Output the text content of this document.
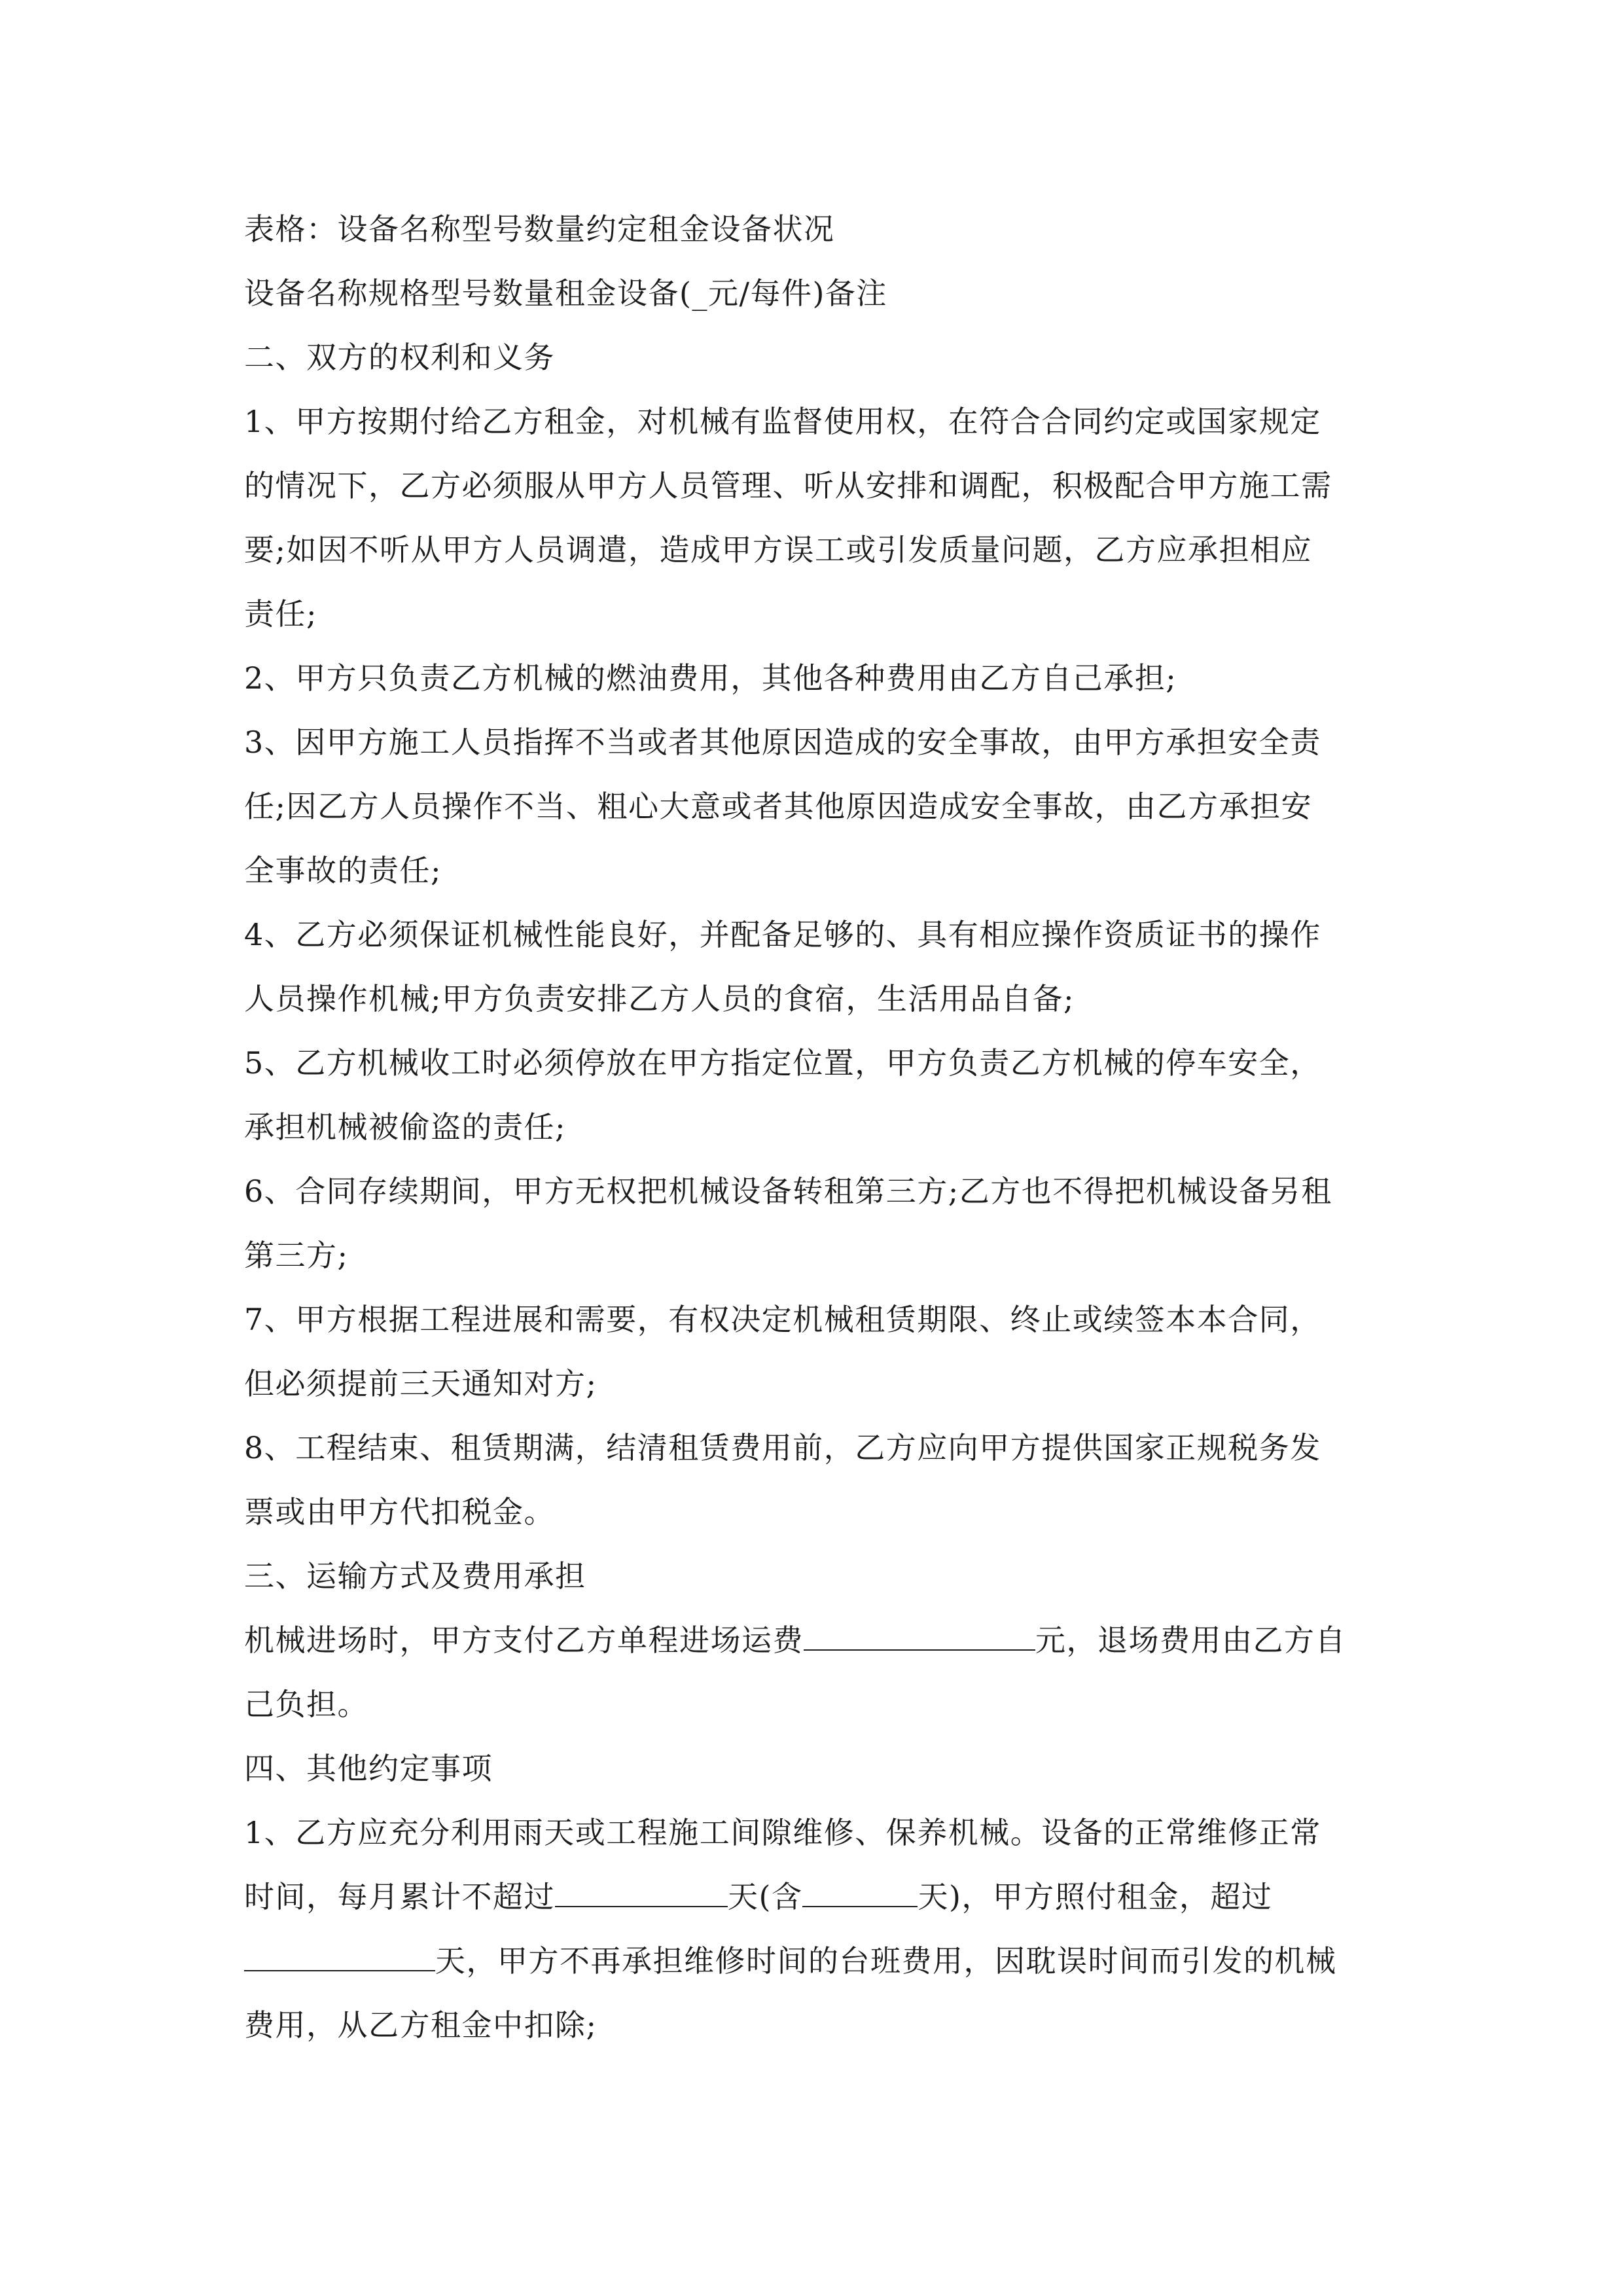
表格：设备名称型号数量约定租金设备状况

设备名称规格型号数量租金设备(_元/每件)备注

二、双方的权利和义务

1、甲方按期付给乙方租金，对机械有监督使用权，在符合合同约定或国家规定

的情况下，乙方必须服从甲方人员管理、听从安排和调配，积极配合甲方施工需

要;如因不听从甲方人员调遣，造成甲方误工或引发质量问题，乙方应承担相应

责任;

2、甲方只负责乙方机械的燃油费用，其他各种费用由乙方自己承担;

3、因甲方施工人员指挥不当或者其他原因造成的安全事故，由甲方承担安全责

任;因乙方人员操作不当、粗心大意或者其他原因造成安全事故，由乙方承担安

全事故的责任;

4、乙方必须保证机械性能良好，并配备足够的、具有相应操作资质证书的操作

人员操作机械;甲方负责安排乙方人员的食宿，生活用品自备;

5、乙方机械收工时必须停放在甲方指定位置，甲方负责乙方机械的停车安全，

承担机械被偷盗的责任;

6、合同存续期间，甲方无权把机械设备转租第三方;乙方也不得把机械设备另租

第三方;

7、甲方根据工程进展和需要，有权决定机械租赁期限、终止或续签本本合同，

但必须提前三天通知对方;

8、工程结束、租赁期满，结清租赁费用前，乙方应向甲方提供国家正规税务发

票或由甲方代扣税金。

三、运输方式及费用承担

机械进场时，甲方支付乙方单程进场运费	元，退场费用由乙方自

己负担。

四、其他约定事项

1、乙方应充分利用雨天或工程施工间隙维修、保养机械。设备的正常维修正常

时间，每月累计不超过	天(含	天)，甲方照付租金，超过

天，甲方不再承担维修时间的台班费用，因耽误时间而引发的机械

费用，从乙方租金中扣除;
